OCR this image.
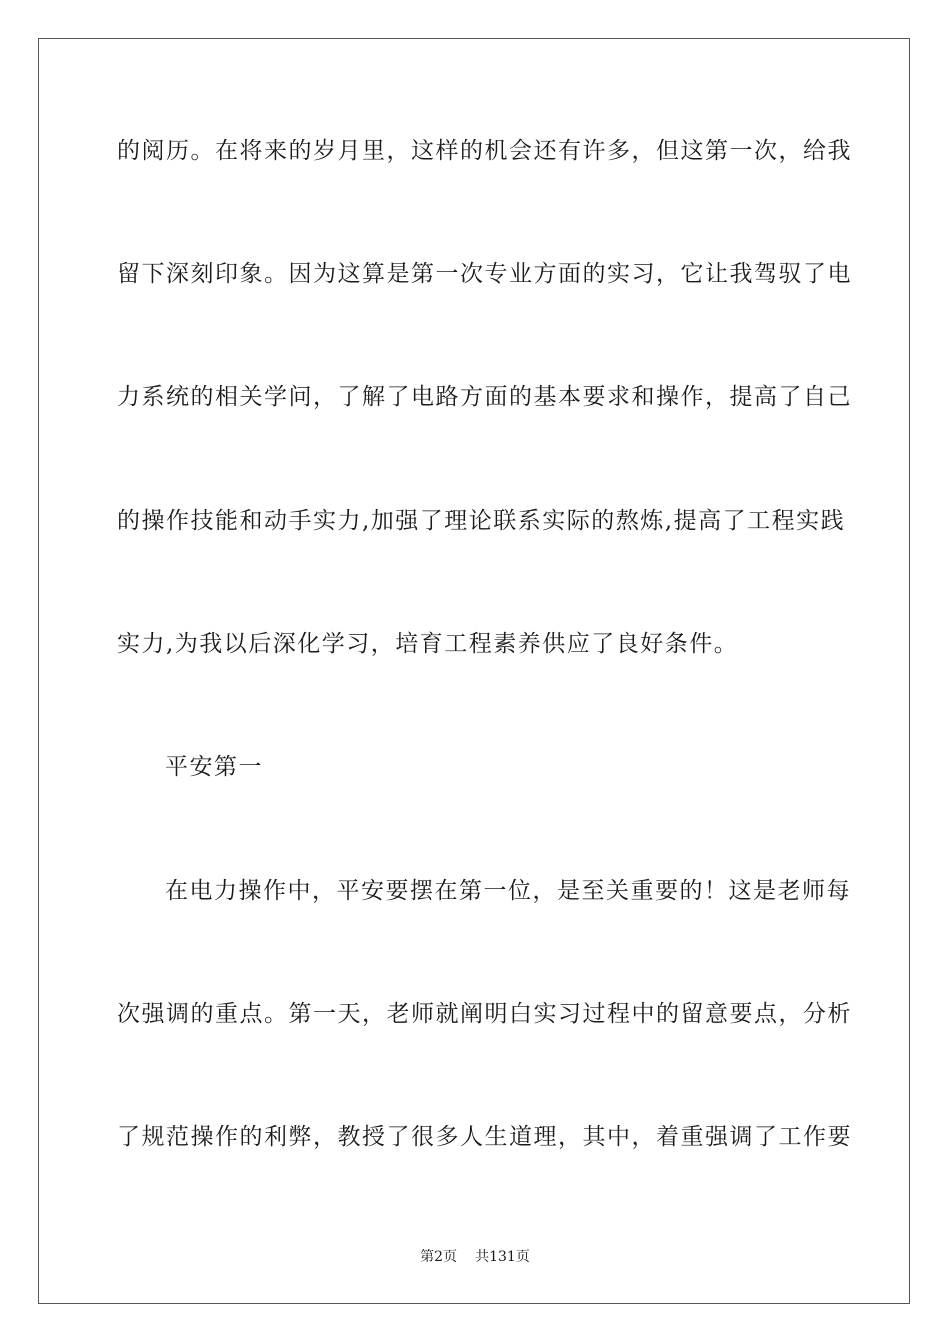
的阅历。在将来的岁月里，这样的机会还有许多，但这第一次，给我
留下深刻印象。因为这算是第一次专业方面的实习，它让我驾驭了电
力系统的相关学问，了解了电路方面的基本要求和操作，提高了自己
的操作技能和动手实力,加强了理论联系实际的熬炼,提高了工程实践
实力,为我以后深化学习，培育工程素养供应了良好条件。
平安第一
在电力操作中，平安要摆在第一位，是至关重要的！这是老师每
次强调的重点。第一天，老师就阐明白实习过程中的留意要点，分析
了规范操作的利弊，教授了很多人生道理，其中，着重强调了工作要
第2页 共131页
